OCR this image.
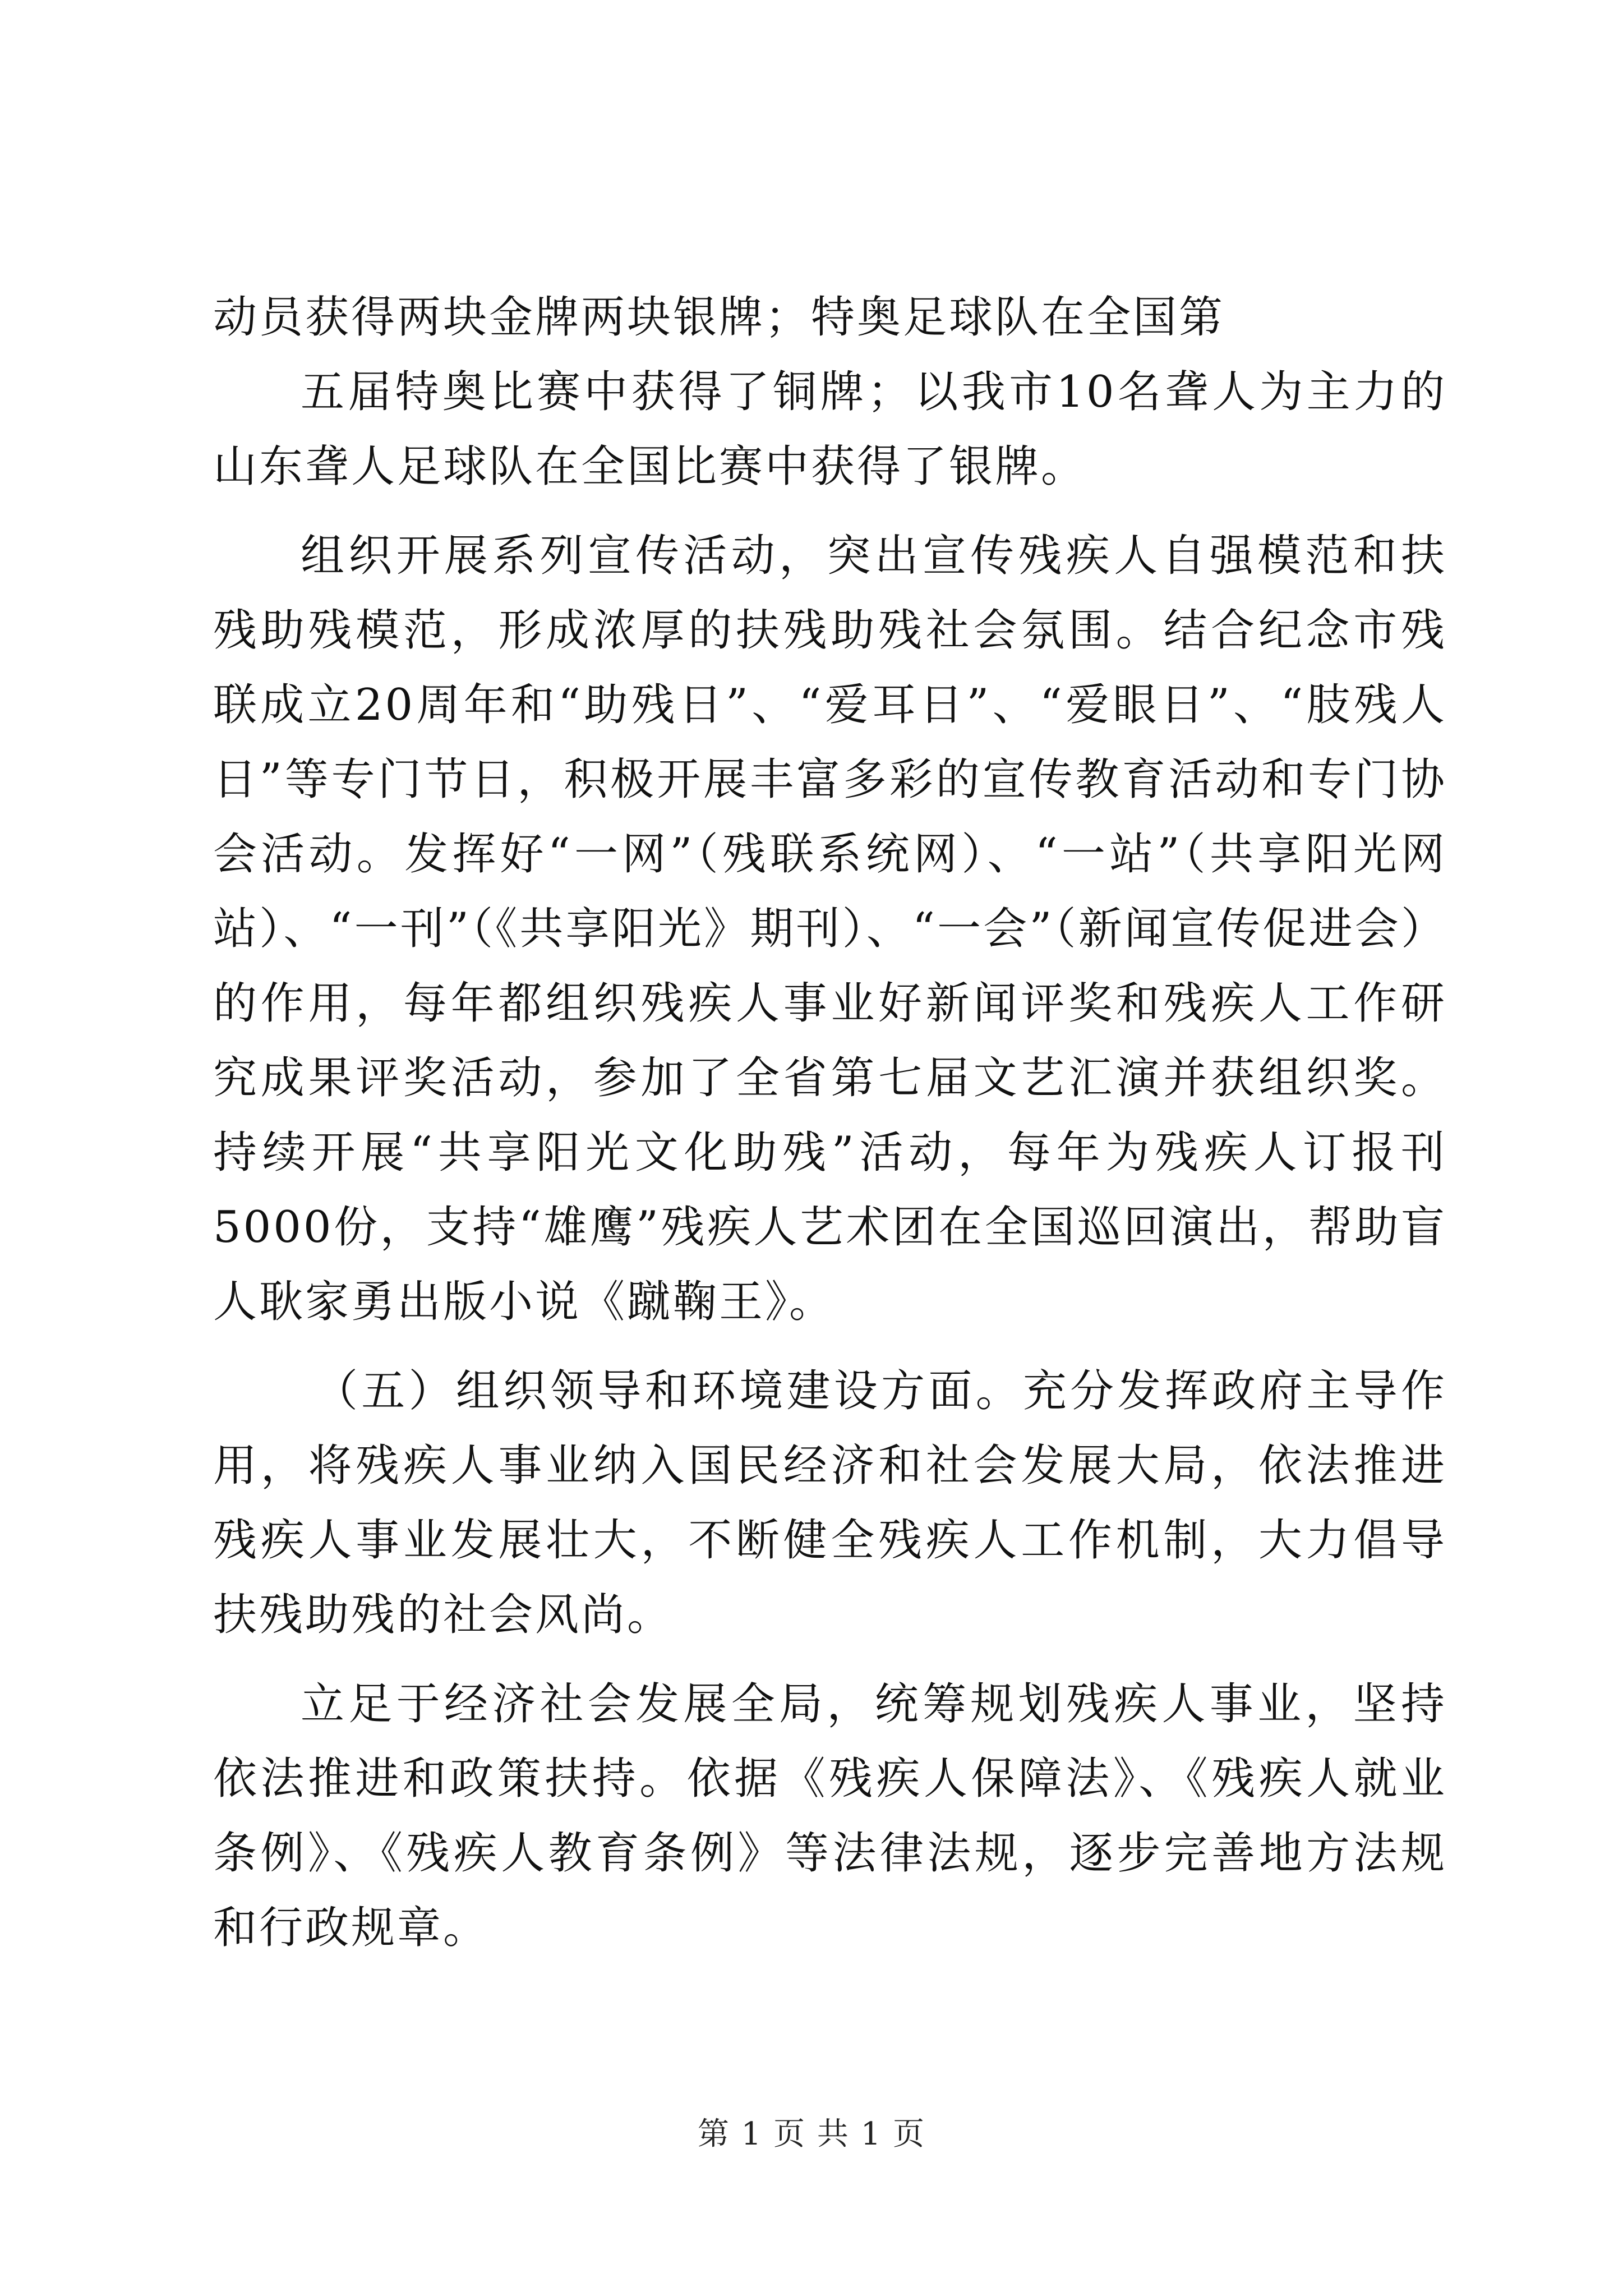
动员获得两块金牌两块银牌；特奥足球队在全国第

五届特奥比赛中获得了铜牌；以我市10名聋人为主力的山东聋人足球队在全国比赛中获得了银牌。

组织开展系列宣传活动，突出宣传残疾人自强模范和扶残助残模范，形成浓厚的扶残助残社会氛围。结合纪念市残联成立20周年和“助残日”、“爱耳日”、“爱眼日”、“肢残人日”等专门节日，积极开展丰富多彩的宣传教育活动和专门协会活动。发挥好“一网”（残联系统网）、“一站”（共享阳光网站）、“一刊”（《共享阳光》期刊）、“一会”（新闻宣传促进会）的作用，每年都组织残疾人事业好新闻评奖和残疾人工作研究成果评奖活动，参加了全省第七届文艺汇演并获组织奖。持续开展“共享阳光文化助残”活动，每年为残疾人订报刊5000份，支持“雄鹰”残疾人艺术团在全国巡回演出，帮助盲人耿家勇出版小说《蹴鞠王》。

（五）组织领导和环境建设方面。充分发挥政府主导作用，将残疾人事业纳入国民经济和社会发展大局，依法推进残疾人事业发展壮大，不断健全残疾人工作机制，大力倡导扶残助残的社会风尚。

立足于经济社会发展全局，统筹规划残疾人事业，坚持依法推进和政策扶持。依据《残疾人保障法》、《残疾人就业条例》、《残疾人教育条例》等法律法规，逐步完善地方法规和行政规章。

第 1 页 共 1 页
